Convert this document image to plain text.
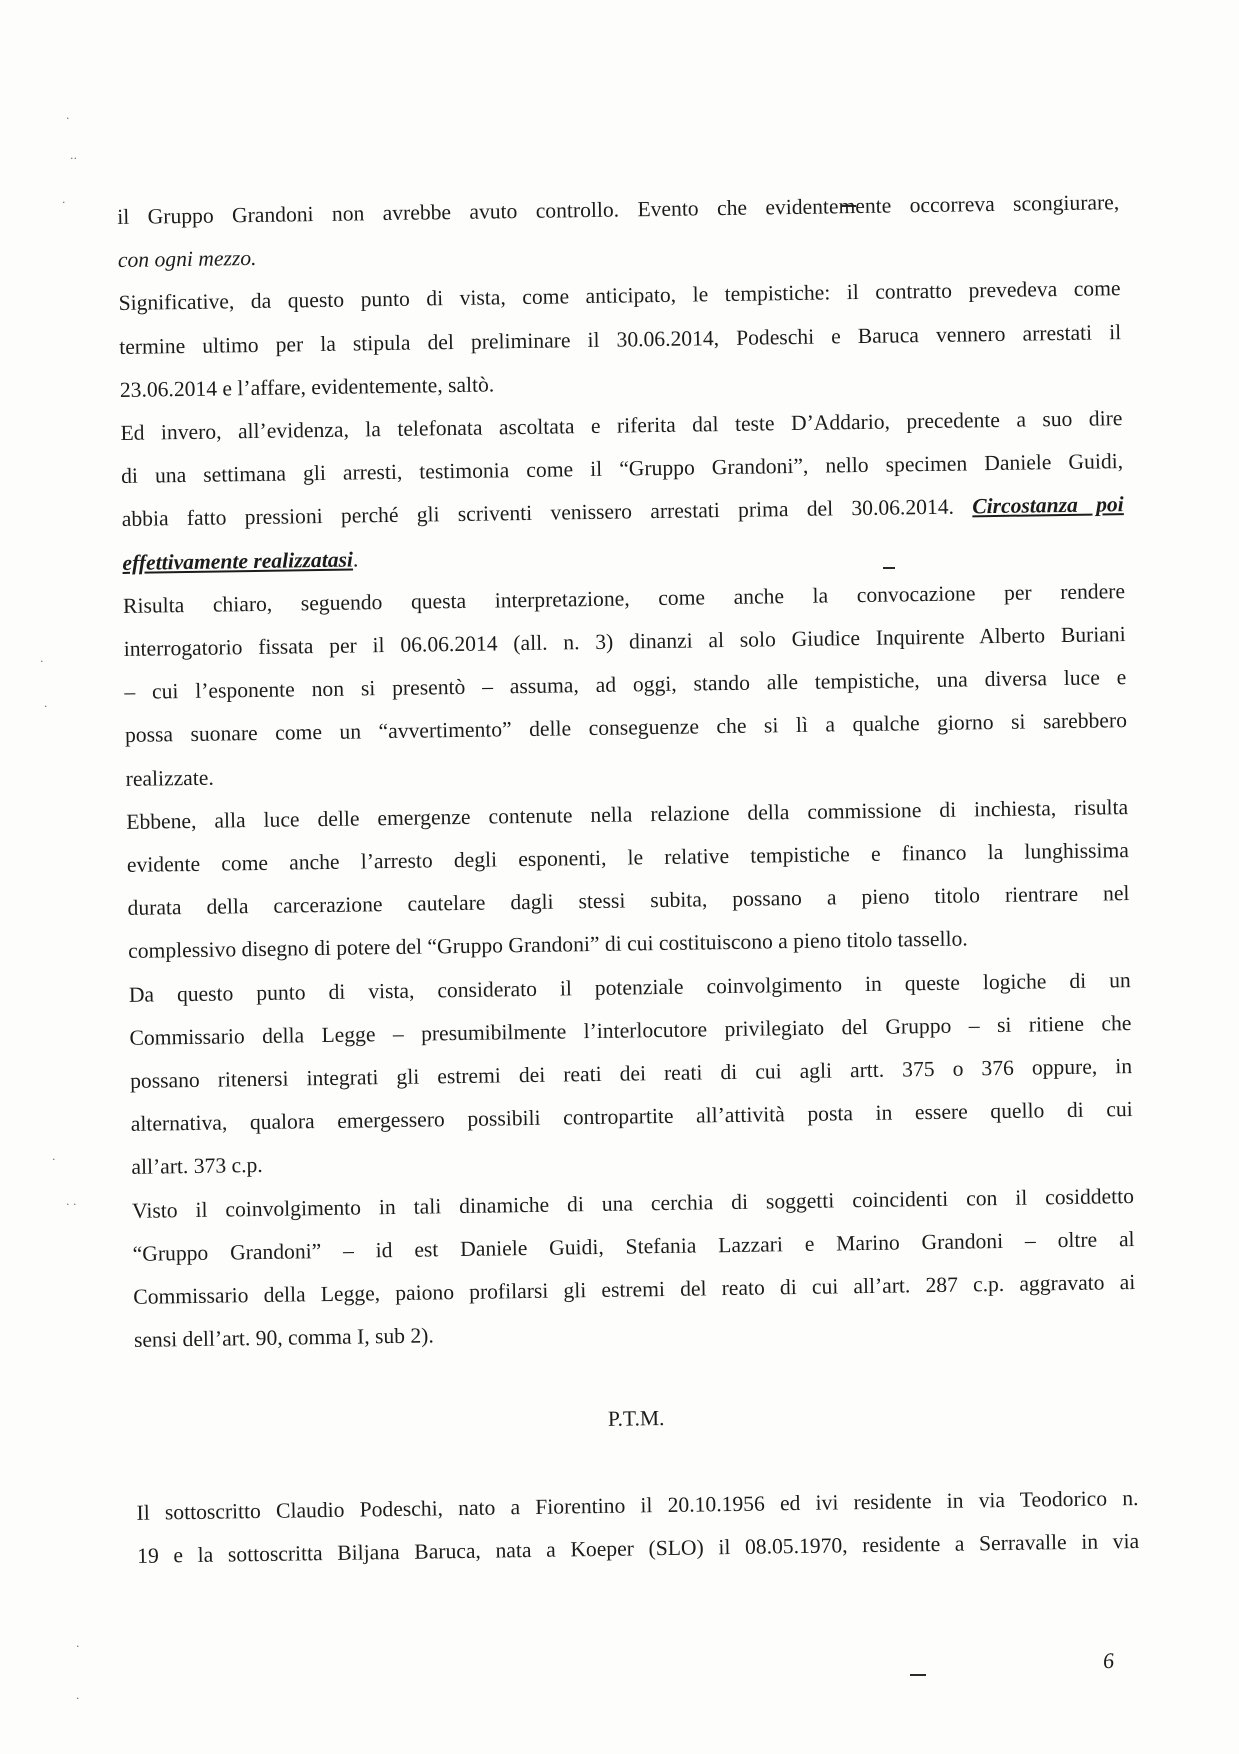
·
··
·
·
·
·
· ·
·
·

il Gruppo Grandoni non avrebbe avuto controllo. Evento che evidentemente occorreva scongiurare,
con ogni mezzo.

Significative, da questo punto di vista, come anticipato, le tempistiche: il contratto prevedeva come
termine ultimo per la stipula del preliminare il 30.06.2014, Podeschi e Baruca vennero arrestati il
23.06.2014 e l’affare, evidentemente, saltò.

Ed invero, all’evidenza, la telefonata ascoltata e riferita dal teste D’Addario, precedente a suo dire
di una settimana gli arresti, testimonia come il “Gruppo Grandoni”, nello specimen Daniele Guidi,
abbia fatto pressioni perché gli scriventi venissero arrestati prima del 30.06.2014. Circostanza poi
effettivamente realizzatasi.

Risulta chiaro, seguendo questa interpretazione, come anche la convocazione per rendere
interrogatorio fissata per il 06.06.2014 (all. n. 3) dinanzi al solo Giudice Inquirente Alberto Buriani
– cui l’esponente non si presentò – assuma, ad oggi, stando alle tempistiche, una diversa luce e
possa suonare come un “avvertimento” delle conseguenze che si lì a qualche giorno si sarebbero
realizzate.

Ebbene, alla luce delle emergenze contenute nella relazione della commissione di inchiesta, risulta
evidente come anche l’arresto degli esponenti, le relative tempistiche e financo la lunghissima
durata della carcerazione cautelare dagli stessi subita, possano a pieno titolo rientrare nel
complessivo disegno di potere del “Gruppo Grandoni” di cui costituiscono a pieno titolo tassello.

Da questo punto di vista, considerato il potenziale coinvolgimento in queste logiche di un
Commissario della Legge – presumibilmente l’interlocutore privilegiato del Gruppo – si ritiene che
possano ritenersi integrati gli estremi dei reati dei reati di cui agli artt. 375 o 376 oppure, in
alternativa, qualora emergessero possibili contropartite all’attività posta in essere quello di cui
all’art. 373 c.p.

Visto il coinvolgimento in tali dinamiche di una cerchia di soggetti coincidenti con il cosiddetto
“Gruppo Grandoni” – id est Daniele Guidi, Stefania Lazzari e Marino Grandoni – oltre al
Commissario della Legge, paiono profilarsi gli estremi del reato di cui all’art. 287 c.p. aggravato ai
sensi dell’art. 90, comma I, sub 2).

P.T.M.

Il sottoscritto Claudio Podeschi, nato a Fiorentino il 20.10.1956 ed ivi residente in via Teodorico n.
19 e la sottoscritta Biljana Baruca, nata a Koeper (SLO) il 08.05.1970, residente a Serravalle in via

6
